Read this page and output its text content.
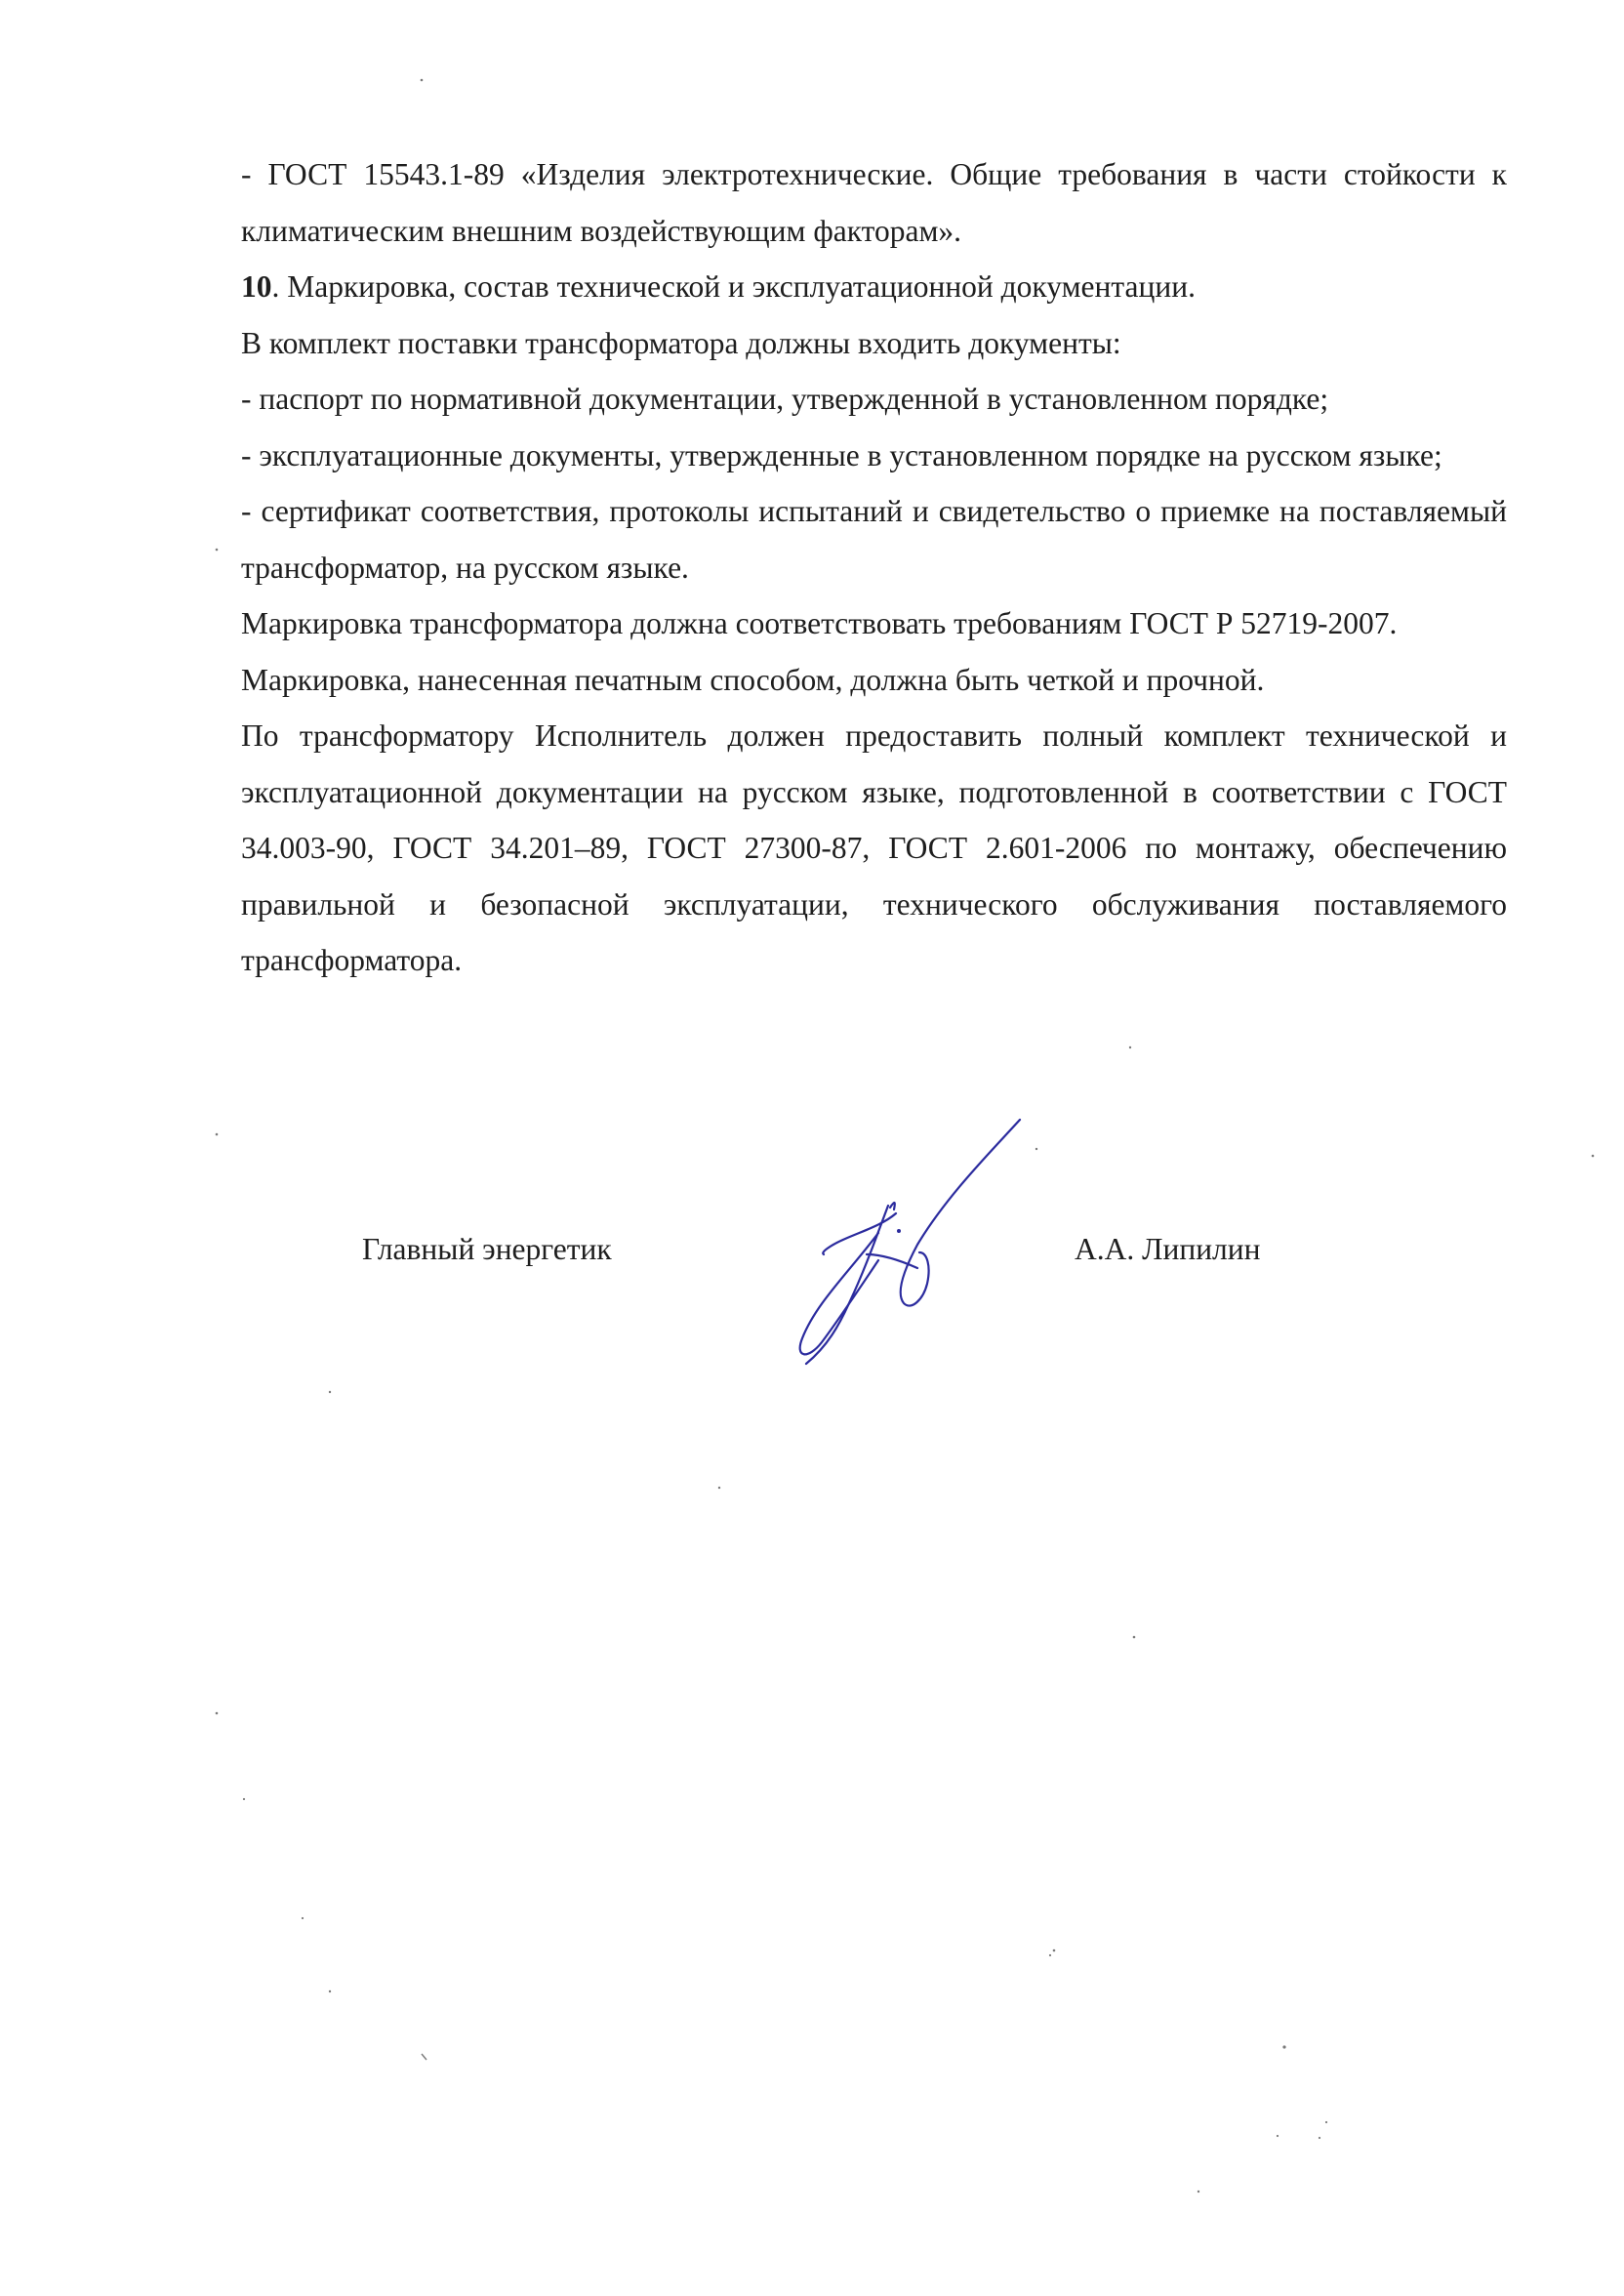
- ГОСТ 15543.1-89 «Изделия электротехнические. Общие требования в части стойкости к климатическим внешним воздействующим факторам».

10. Маркировка, состав технической и эксплуатационной документации.

В комплект поставки трансформатора должны входить документы:

- паспорт по нормативной документации, утвержденной в установленном порядке;

- эксплуатационные документы, утвержденные в установленном порядке на русском языке;

- сертификат соответствия, протоколы испытаний и свидетельство о приемке на поставляемый трансформатор, на русском языке.

Маркировка трансформатора должна соответствовать требованиям ГОСТ Р 52719-2007.

Маркировка, нанесенная печатным способом, должна быть четкой и прочной.

По трансформатору Исполнитель должен предоставить полный комплект технической и эксплуатационной документации на русском языке, подготовленной в соответствии с ГОСТ 34.003-90, ГОСТ 34.201–89, ГОСТ 27300-87, ГОСТ 2.601-2006 по монтажу, обеспечению правильной и безопасной эксплуатации, технического обслуживания поставляемого трансформатора.

Главный энергетик	А.А. Липилин
